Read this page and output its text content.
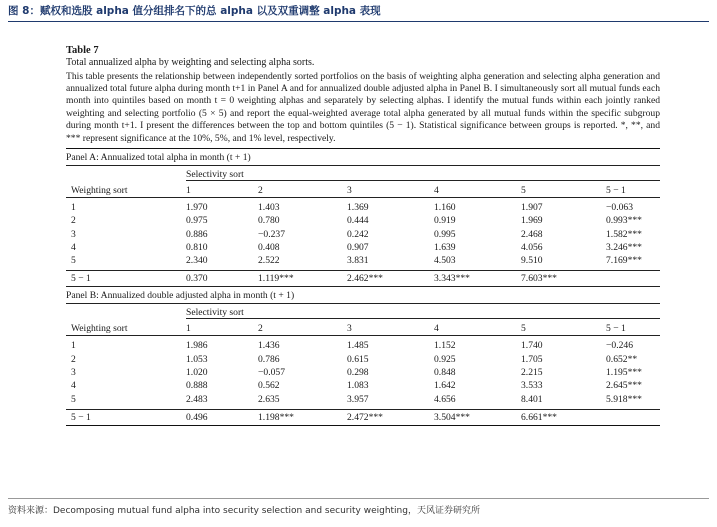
图 8：赋权和选股 alpha 值分组排名下的总 alpha 以及双重调整 alpha 表现
Table 7
Total annualized alpha by weighting and selecting alpha sorts.
This table presents the relationship between independently sorted portfolios on the basis of weighting alpha generation and selecting alpha generation and annualized total future alpha during month t+1 in Panel A and for annualized double adjusted alpha in Panel B. I simultaneously sort all mutual funds each month into quintiles based on month t = 0 weighting alphas and separately by selecting alphas. I identify the mutual funds within each jointly ranked weighting and selecting portfolio (5 × 5) and report the equal-weighted average total alpha generated by all mutual funds within the specific subgroup during month t+1. I present the differences between the top and bottom quintiles (5 − 1). Statistical significance between groups is reported. *, **, and *** represent significance at the 10%, 5%, and 1% level, respectively.
Panel A: Annualized total alpha in month (t + 1)
Selectivity sort
Weighting sort	1	2	3	4	5	5 − 1
1	1.970	1.403	1.369	1.160	1.907	−0.063
2	0.975	0.780	0.444	0.919	1.969	0.993***
3	0.886	−0.237	0.242	0.995	2.468	1.582***
4	0.810	0.408	0.907	1.639	4.056	3.246***
5	2.340	2.522	3.831	4.503	9.510	7.169***
5 − 1	0.370	1.119***	2.462***	3.343***	7.603***
Panel B: Annualized double adjusted alpha in month (t + 1)
Selectivity sort
Weighting sort	1	2	3	4	5	5 − 1
1	1.986	1.436	1.485	1.152	1.740	−0.246
2	1.053	0.786	0.615	0.925	1.705	0.652**
3	1.020	−0.057	0.298	0.848	2.215	1.195***
4	0.888	0.562	1.083	1.642	3.533	2.645***
5	2.483	2.635	3.957	4.656	8.401	5.918***
5 − 1	0.496	1.198***	2.472***	3.504***	6.661***
资料来源：Decomposing mutual fund alpha into security selection and security weighting，天风证券研究所
